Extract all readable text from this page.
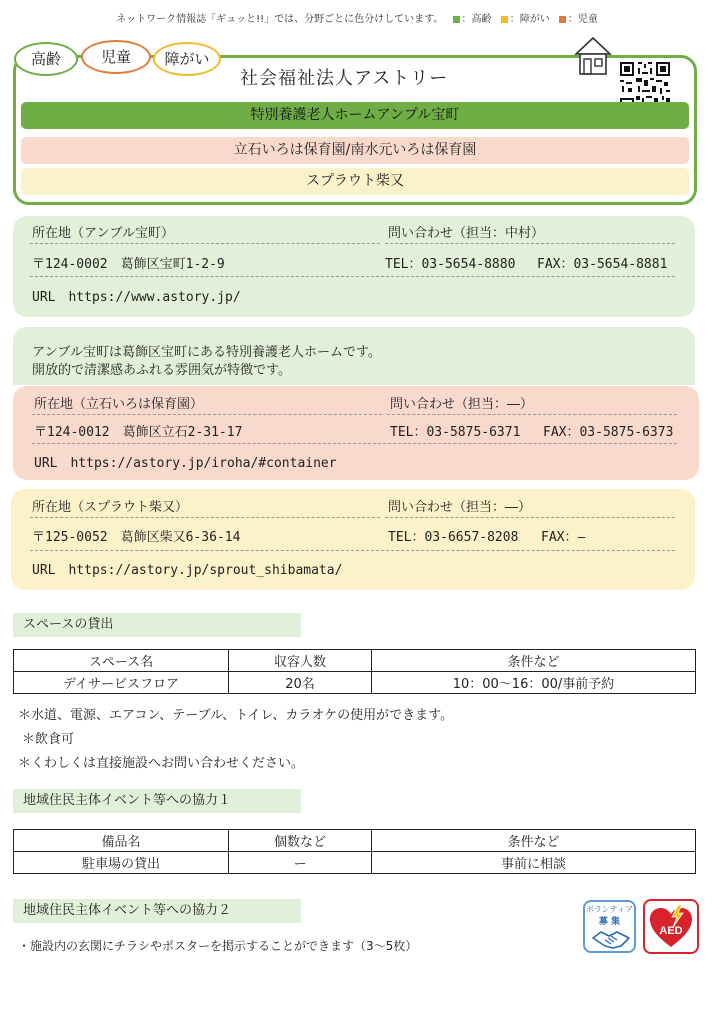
ネットワーク情報誌「ギュッと!!」では、分野ごとに色分けしています。 ：高齢 ：障がい ：児童
高齢	児童	障がい
社会福祉法人アストリー
特別養護老人ホームアンプル宝町
立石いろは保育園/南水元いろは保育園
スプラウト柴又
所在地（アンブル宝町）	問い合わせ（担当：中村）
〒124-0002　葛飾区宝町1-2-9	TEL：03-5654-8880 FAX：03-5654-8881
URL　https://www.astory.jp/
アンブル宝町は葛飾区宝町にある特別養護老人ホームです。
開放的で清潔感あふれる雰囲気が特徴です。
所在地（立石いろは保育園）	問い合わせ（担当：―）
〒124-0012　葛飾区立石2-31-17	TEL：03-5875-6371 FAX：03-5875-6373
URL　https://astory.jp/iroha/#container
所在地（スプラウト柴又）	問い合わせ（担当：―）
〒125-0052　葛飾区柴又6-36-14	TEL：03-6657-8208 FAX：―
URL　https://astory.jp/sprout_shibamata/
スペースの貸出
スペース名	収容人数	条件など
デイサービスフロア	20名	10：00～16：00/事前予約
＊水道、電源、エアコン、テーブル、トイレ、カラオケの使用ができます。
＊飲食可
＊くわしくは直接施設へお問い合わせください。
地域住民主体イベント等への協力１
備品名	個数など	条件など
駐車場の貸出	ー	事前に相談
地域住民主体イベント等への協力２
・施設内の玄関にチラシやポスターを掲示することができます（3～5枚）
ボランティア
募 集
AED
